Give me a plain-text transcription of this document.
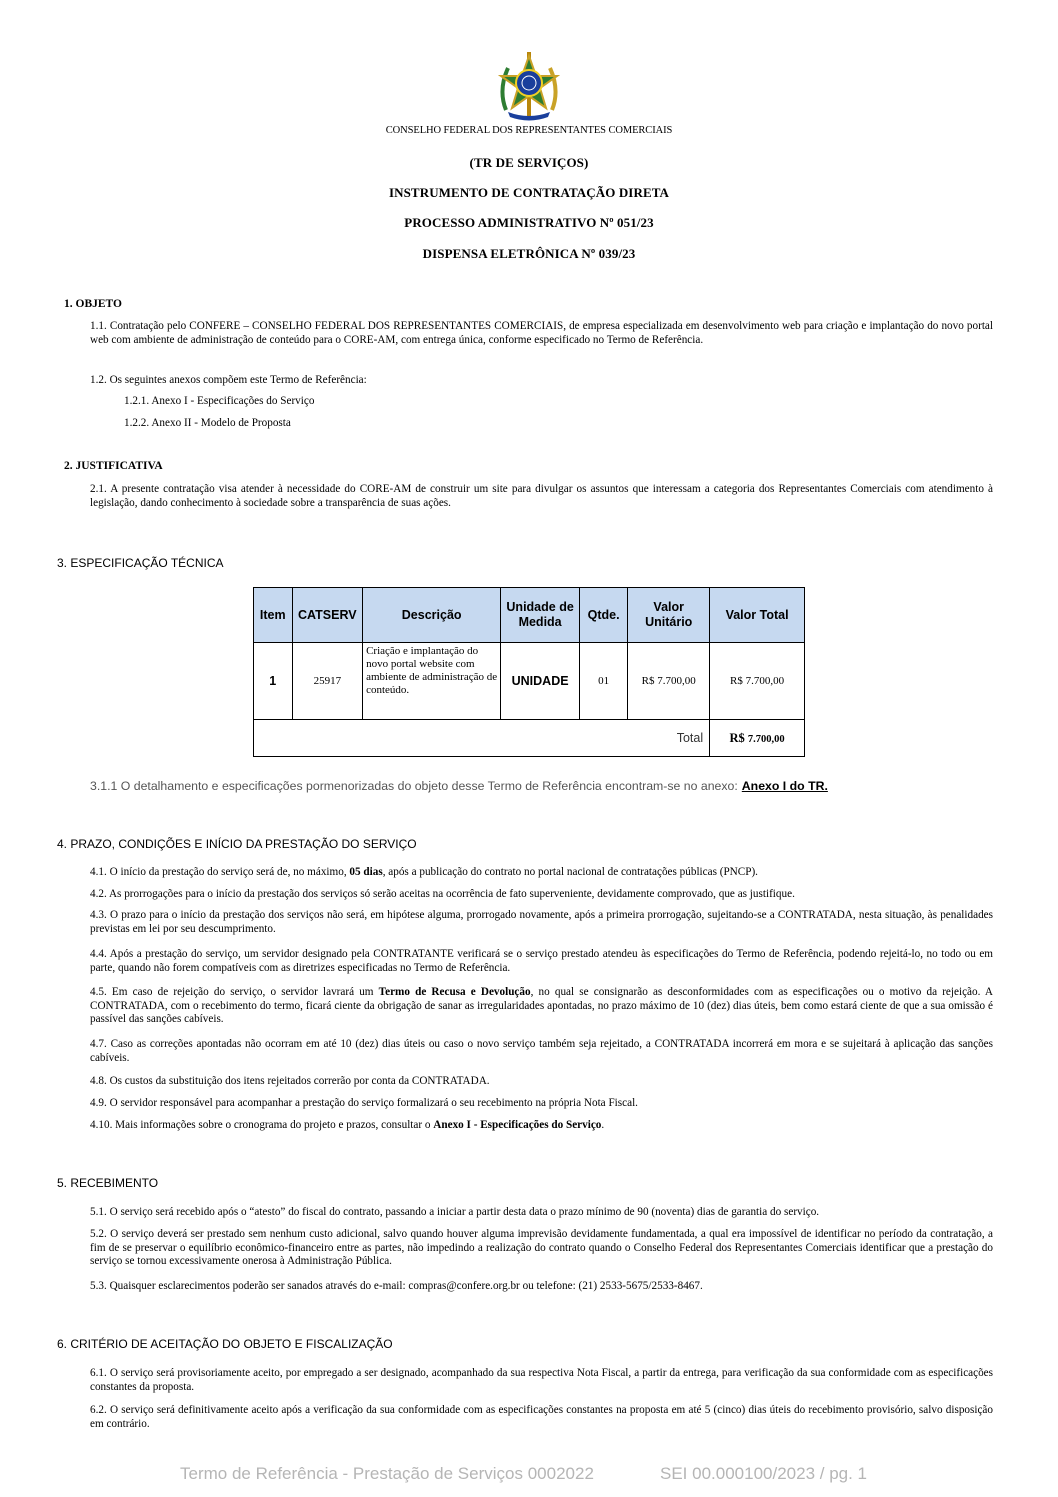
CONSELHO FEDERAL DOS REPRESENTANTES COMERCIAIS
(TR DE SERVIÇOS)
INSTRUMENTO DE CONTRATAÇÃO DIRETA
PROCESSO ADMINISTRATIVO Nº 051/23
DISPENSA ELETRÔNICA Nº 039/23
1. OBJETO
1.1. Contratação pelo CONFERE – CONSELHO FEDERAL DOS REPRESENTANTES COMERCIAIS, de empresa especializada em desenvolvimento web para criação e implantação do novo portal web com ambiente de administração de conteúdo para o CORE-AM, com entrega única, conforme especificado no Termo de Referência.
1.2. Os seguintes anexos compõem este Termo de Referência:
1.2.1. Anexo I - Especificações do Serviço
1.2.2. Anexo II - Modelo de Proposta
2. JUSTIFICATIVA
2.1. A presente contratação visa atender à necessidade do CORE-AM de construir um site para divulgar os assuntos que interessam a categoria dos Representantes Comerciais com atendimento à legislação, dando conhecimento à sociedade sobre a transparência de suas ações.
3. ESPECIFICAÇÃO TÉCNICA
Item	CATSERV	Descrição	Unidade de Medida	Qtde.	Valor Unitário	Valor Total
1	25917	Criação e implantação do novo portal website com ambiente de administração de conteúdo.	UNIDADE	01	R$ 7.700,00	R$ 7.700,00
Total						R$ 7.700,00
3.1.1 O detalhamento e especificações pormenorizadas do objeto desse Termo de Referência encontram-se no anexo: Anexo I do TR.
4. PRAZO, CONDIÇÕES E INÍCIO DA PRESTAÇÃO DO SERVIÇO
4.1. O início da prestação do serviço será de, no máximo, 05 dias, após a publicação do contrato no portal nacional de contratações públicas (PNCP).
4.2. As prorrogações para o início da prestação dos serviços só serão aceitas na ocorrência de fato superveniente, devidamente comprovado, que as justifique.
4.3. O prazo para o início da prestação dos serviços não será, em hipótese alguma, prorrogado novamente, após a primeira prorrogação, sujeitando-se a CONTRATADA, nesta situação, às penalidades previstas em lei por seu descumprimento.
4.4. Após a prestação do serviço, um servidor designado pela CONTRATANTE verificará se o serviço prestado atendeu às especificações do Termo de Referência, podendo rejeitá-lo, no todo ou em parte, quando não forem compatíveis com as diretrizes especificadas no Termo de Referência.
4.5. Em caso de rejeição do serviço, o servidor lavrará um Termo de Recusa e Devolução, no qual se consignarão as desconformidades com as especificações ou o motivo da rejeição. A CONTRATADA, com o recebimento do termo, ficará ciente da obrigação de sanar as irregularidades apontadas, no prazo máximo de 10 (dez) dias úteis, bem como estará ciente de que a sua omissão é passível das sanções cabíveis.
4.7. Caso as correções apontadas não ocorram em até 10 (dez) dias úteis ou caso o novo serviço também seja rejeitado, a CONTRATADA incorrerá em mora e se sujeitará à aplicação das sanções cabíveis.
4.8. Os custos da substituição dos itens rejeitados correrão por conta da CONTRATADA.
4.9. O servidor responsável para acompanhar a prestação do serviço formalizará o seu recebimento na própria Nota Fiscal.
4.10. Mais informações sobre o cronograma do projeto e prazos, consultar o Anexo I - Especificações do Serviço.
5. RECEBIMENTO
5.1. O serviço será recebido após o “atesto” do fiscal do contrato, passando a iniciar a partir desta data o prazo mínimo de 90 (noventa) dias de garantia do serviço.
5.2. O serviço deverá ser prestado sem nenhum custo adicional, salvo quando houver alguma imprevisão devidamente fundamentada, a qual era impossível de identificar no período da contratação, a fim de se preservar o equilíbrio econômico-financeiro entre as partes, não impedindo a realização do contrato quando o Conselho Federal dos Representantes Comerciais identificar que a prestação do serviço se tornou excessivamente onerosa à Administração Pública.
5.3. Quaisquer esclarecimentos poderão ser sanados através do e-mail: compras@confere.org.br ou telefone: (21) 2533-5675/2533-8467.
6. CRITÉRIO DE ACEITAÇÃO DO OBJETO E FISCALIZAÇÃO
6.1. O serviço será provisoriamente aceito, por empregado a ser designado, acompanhado da sua respectiva Nota Fiscal, a partir da entrega, para verificação da sua conformidade com as especificações constantes da proposta.
6.2. O serviço será definitivamente aceito após a verificação da sua conformidade com as especificações constantes na proposta em até 5 (cinco) dias úteis do recebimento provisório, salvo disposição em contrário.
Termo de Referência - Prestação de Serviços 0002022	SEI 00.000100/2023 / pg. 1
